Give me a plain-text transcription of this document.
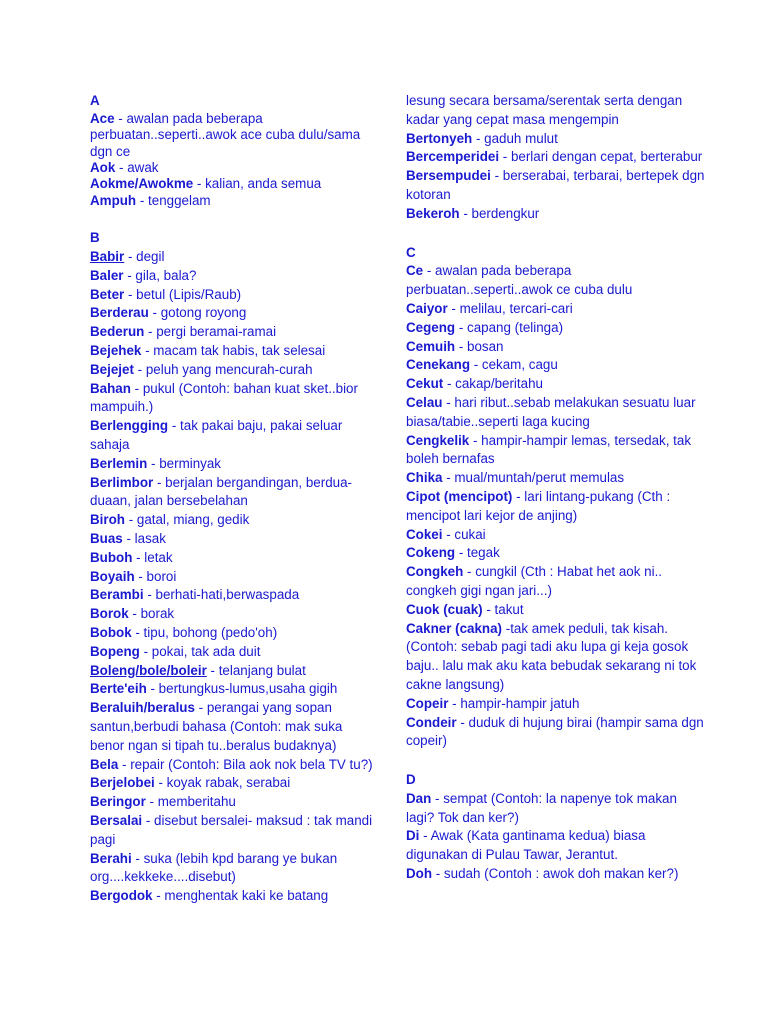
A

Ace - awalan pada beberapa perbuatan..seperti..awok ace cuba dulu/sama dgn ce

Aok - awak

Aokme/Awokme - kalian, anda semua

Ampuh - tenggelam

B

Babir - degil

Baler - gila, bala?

Beter - betul (Lipis/Raub)

Berderau - gotong royong

Bederun - pergi beramai-ramai

Bejehek - macam tak habis, tak selesai

Bejejet - peluh yang mencurah-curah

Bahan - pukul (Contoh: bahan kuat sket..bior mampuih.)

Berlengging - tak pakai baju, pakai seluar sahaja

Berlemin - berminyak

Berlimbor - berjalan bergandingan, berdua-duaan, jalan bersebelahan

Biroh - gatal, miang, gedik

Buas - lasak

Buboh - letak

Boyaih - boroi

Berambi - berhati-hati,berwaspada

Borok - borak

Bobok - tipu, bohong (pedo'oh)

Bopeng - pokai, tak ada duit

Boleng/bole/boleir - telanjang bulat

Berte'eih - bertungkus-lumus,usaha gigih

Beraluih/beralus - perangai yang sopan santun,berbudi bahasa (Contoh: mak suka benor ngan si tipah tu..beralus budaknya)

Bela - repair (Contoh: Bila aok nok bela TV tu?)

Berjelobei - koyak rabak, serabai

Beringor - memberitahu

Bersalai - disebut bersalei- maksud : tak mandi pagi

Berahi - suka (lebih kpd barang ye bukan org....kekkeke....disebut)

Bergodok - menghentak kaki ke batang

lesung secara bersama/serentak serta dengan kadar yang cepat masa mengempin

Bertonyeh - gaduh mulut

Bercemperidei - berlari dengan cepat, berterabur

Bersempudei - berserabai, terbarai, bertepek dgn kotoran

Bekeroh - berdengkur

C

Ce - awalan pada beberapa perbuatan..seperti..awok ce cuba dulu

Caiyor - melilau, tercari-cari

Cegeng - capang (telinga)

Cemuih - bosan

Cenekang - cekam, cagu

Cekut - cakap/beritahu

Celau - hari ribut..sebab melakukan sesuatu luar biasa/tabie..seperti laga kucing

Cengkelik - hampir-hampir lemas, tersedak, tak boleh bernafas

Chika - mual/muntah/perut memulas

Cipot (mencipot) - lari lintang-pukang (Cth : mencipot lari kejor de anjing)

Cokei - cukai

Cokeng - tegak

Congkeh - cungkil (Cth : Habat het aok ni.. congkeh gigi ngan jari...)

Cuok (cuak) - takut

Cakner (cakna) -tak amek peduli, tak kisah. (Contoh: sebab pagi tadi aku lupa gi keja gosok baju.. lalu mak aku kata bebudak sekarang ni tok cakne langsung)

Copeir - hampir-hampir jatuh

Condeir - duduk di hujung birai (hampir sama dgn copeir)

D

Dan - sempat (Contoh: la napenye tok makan lagi? Tok dan ker?)

Di - Awak (Kata gantinama kedua) biasa digunakan di Pulau Tawar, Jerantut.

Doh - sudah (Contoh : awok doh makan ker?)
